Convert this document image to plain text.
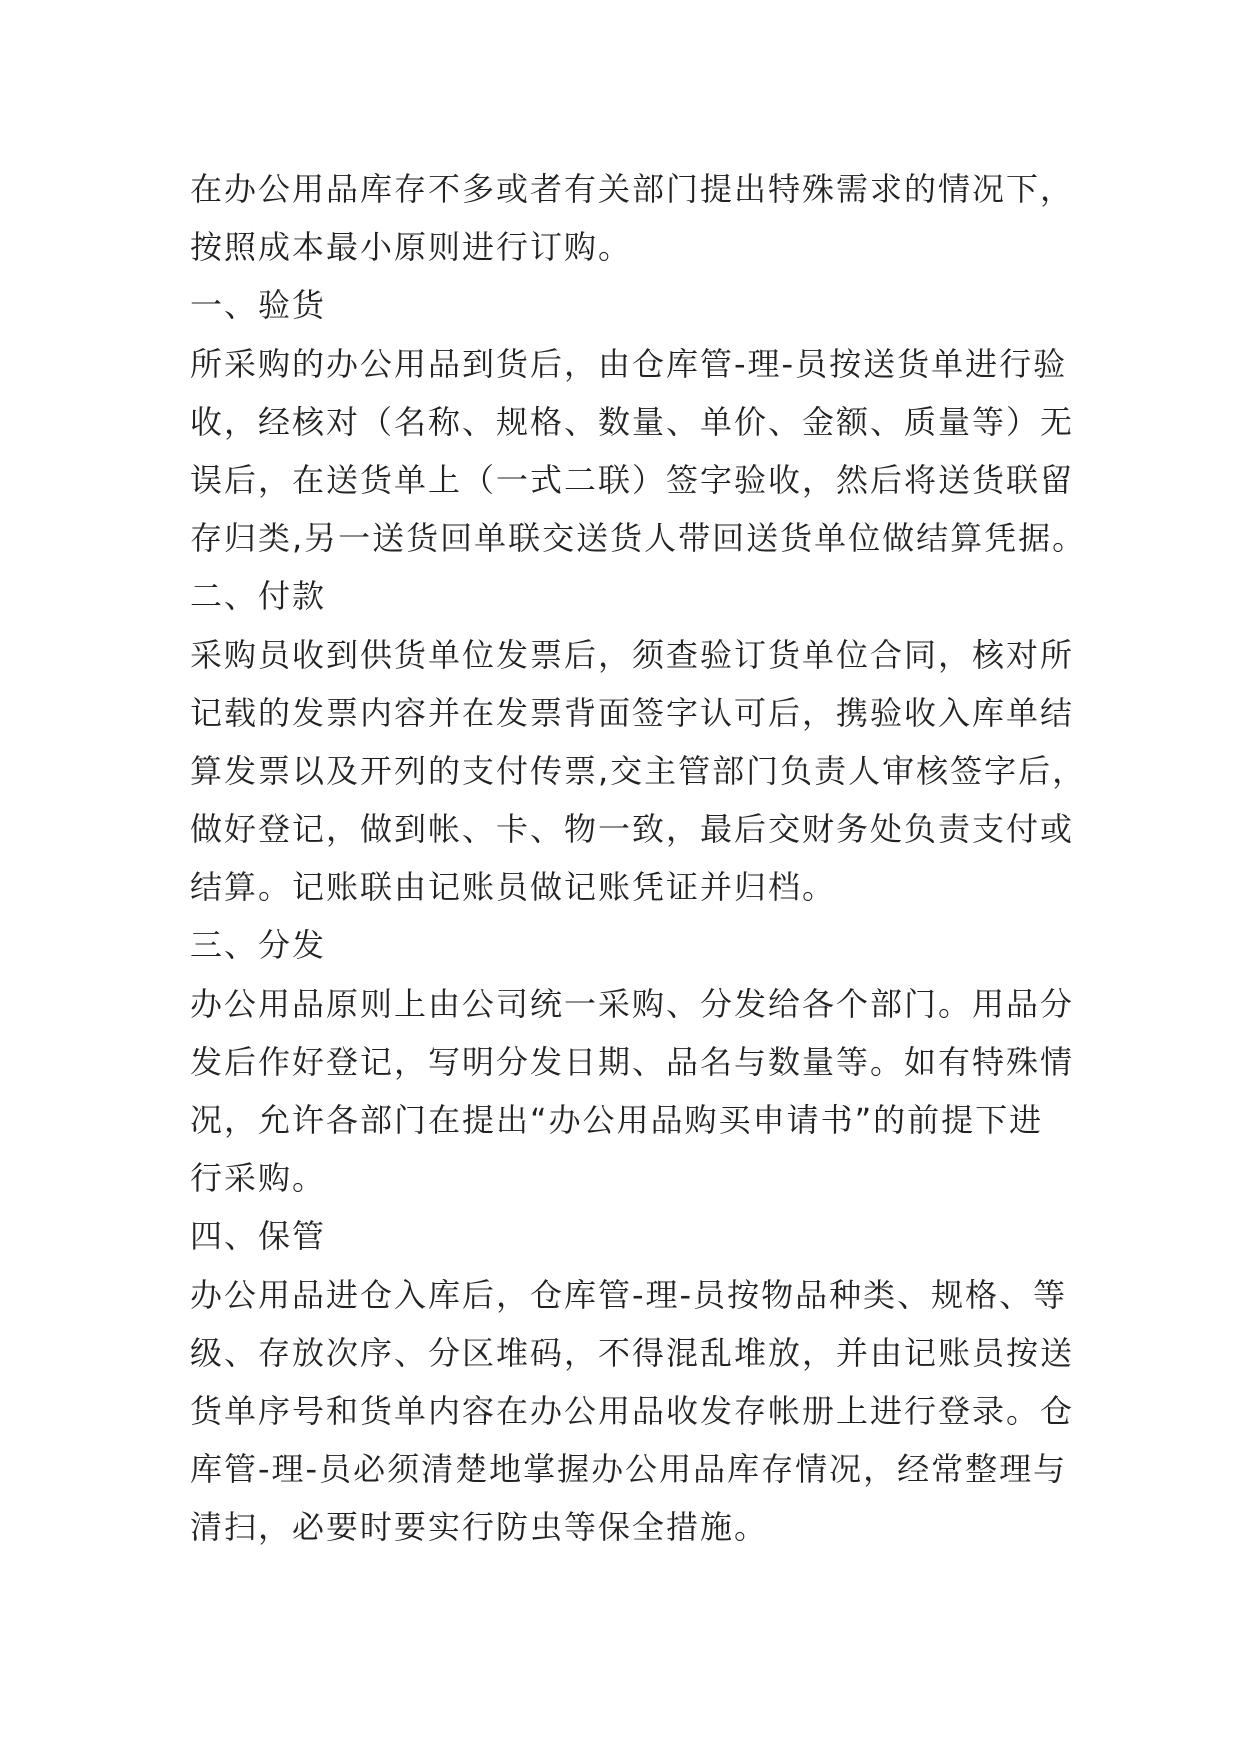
在办公用品库存不多或者有关部门提出特殊需求的情况下，
按照成本最小原则进行订购。
一、验货
所采购的办公用品到货后，由仓库管-理-员按送货单进行验
收，经核对（名称、规格、数量、单价、金额、质量等）无
误后，在送货单上（一式二联）签字验收，然后将送货联留
存归类,另一送货回单联交送货人带回送货单位做结算凭据。
二、付款
采购员收到供货单位发票后，须查验订货单位合同，核对所
记载的发票内容并在发票背面签字认可后，携验收入库单结
算发票以及开列的支付传票,交主管部门负责人审核签字后，
做好登记，做到帐、卡、物一致，最后交财务处负责支付或
结算。记账联由记账员做记账凭证并归档。
三、分发
办公用品原则上由公司统一采购、分发给各个部门。用品分
发后作好登记，写明分发日期、品名与数量等。如有特殊情
况，允许各部门在提出“办公用品购买申请书”的前提下进
行采购。
四、保管
办公用品进仓入库后，仓库管-理-员按物品种类、规格、等
级、存放次序、分区堆码，不得混乱堆放，并由记账员按送
货单序号和货单内容在办公用品收发存帐册上进行登录。仓
库管-理-员必须清楚地掌握办公用品库存情况，经常整理与
清扫，必要时要实行防虫等保全措施。
